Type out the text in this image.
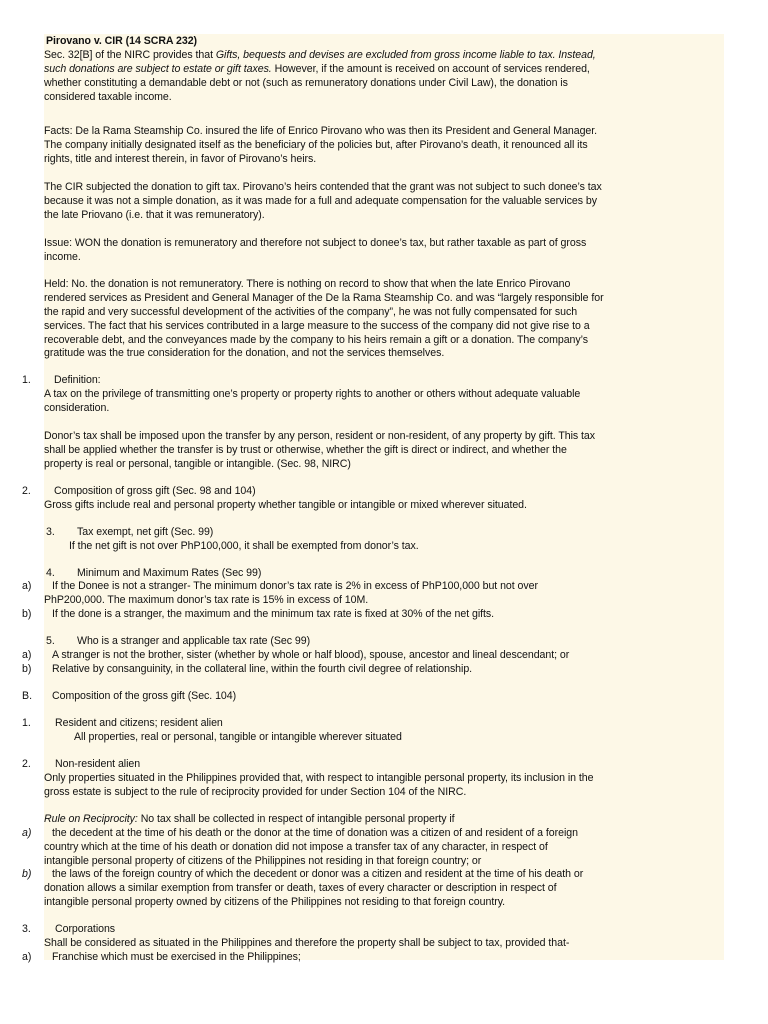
Pirovano v. CIR (14 SCRA 232)
Sec. 32[B] of the NIRC provides that Gifts, bequests and devises are excluded from gross income liable to tax. Instead,
such donations are subject to estate or gift taxes. However, if the amount is received on account of services rendered,
whether constituting a demandable debt or not (such as remuneratory donations under Civil Law), the donation is
considered taxable income.
Facts: De la Rama Steamship Co. insured the life of Enrico Pirovano who was then its President and General Manager.
The company initially designated itself as the beneficiary of the policies but, after Pirovano’s death, it renounced all its
rights, title and interest therein, in favor of Pirovano’s heirs.
The CIR subjected the donation to gift tax. Pirovano’s heirs contended that the grant was not subject to such donee’s tax
because it was not a simple donation, as it was made for a full and adequate compensation for the valuable services by
the late Priovano (i.e. that it was remuneratory).
Issue: WON the donation is remuneratory and therefore not subject to donee’s tax, but rather taxable as part of gross
income.
Held: No. the donation is not remuneratory. There is nothing on record to show that when the late Enrico Pirovano
rendered services as President and General Manager of the De la Rama Steamship Co. and was “largely responsible for
the rapid and very successful development of the activities of the company”, he was not fully compensated for such
services. The fact that his services contributed in a large measure to the success of the company did not give rise to a
recoverable debt, and the conveyances made by the company to his heirs remain a gift or a donation. The company’s
gratitude was the true consideration for the donation, and not the services themselves.
Definition:
A tax on the privilege of transmitting one’s property or property rights to another or others without adequate valuable
consideration.
Donor’s tax shall be imposed upon the transfer by any person, resident or non-resident, of any property by gift. This tax
shall be applied whether the transfer is by trust or otherwise, whether the gift is direct or indirect, and whether the
property is real or personal, tangible or intangible. (Sec. 98, NIRC)
Composition of gross gift (Sec. 98 and 104)
Gross gifts include real and personal property whether tangible or intangible or mixed wherever situated.
3. Tax exempt, net gift (Sec. 99)
If the net gift is not over PhP100,000, it shall be exempted from donor’s tax.
4. Minimum and Maximum Rates (Sec 99)
If the Donee is not a stranger- The minimum donor’s tax rate is 2% in excess of PhP100,000 but not over
PhP200,000. The maximum donor’s tax rate is 15% in excess of 10M.
If the done is a stranger, the maximum and the minimum tax rate is fixed at 30% of the net gifts.
5. Who is a stranger and applicable tax rate (Sec 99)
A stranger is not the brother, sister (whether by whole or half blood), spouse, ancestor and lineal descendant; or
Relative by consanguinity, in the collateral line, within the fourth civil degree of relationship.
Composition of the gross gift (Sec. 104)
Resident and citizens; resident alien
All properties, real or personal, tangible or intangible wherever situated
Non-resident alien
Only properties situated in the Philippines provided that, with respect to intangible personal property, its inclusion in the
gross estate is subject to the rule of reciprocity provided for under Section 104 of the NIRC.
Rule on Reciprocity: No tax shall be collected in respect of intangible personal property if
the decedent at the time of his death or the donor at the time of donation was a citizen of and resident of a foreign
country which at the time of his death or donation did not impose a transfer tax of any character, in respect of
intangible personal property of citizens of the Philippines not residing in that foreign country; or
the laws of the foreign country of which the decedent or donor was a citizen and resident at the time of his death or
donation allows a similar exemption from transfer or death, taxes of every character or description in respect of
intangible personal property owned by citizens of the Philippines not residing to that foreign country.
Corporations
Shall be considered as situated in the Philippines and therefore the property shall be subject to tax, provided that-
Franchise which must be exercised in the Philippines;
1.
2.
a)
b)
a)
b)
B.
1.
2.
a)
b)
3.
a)
